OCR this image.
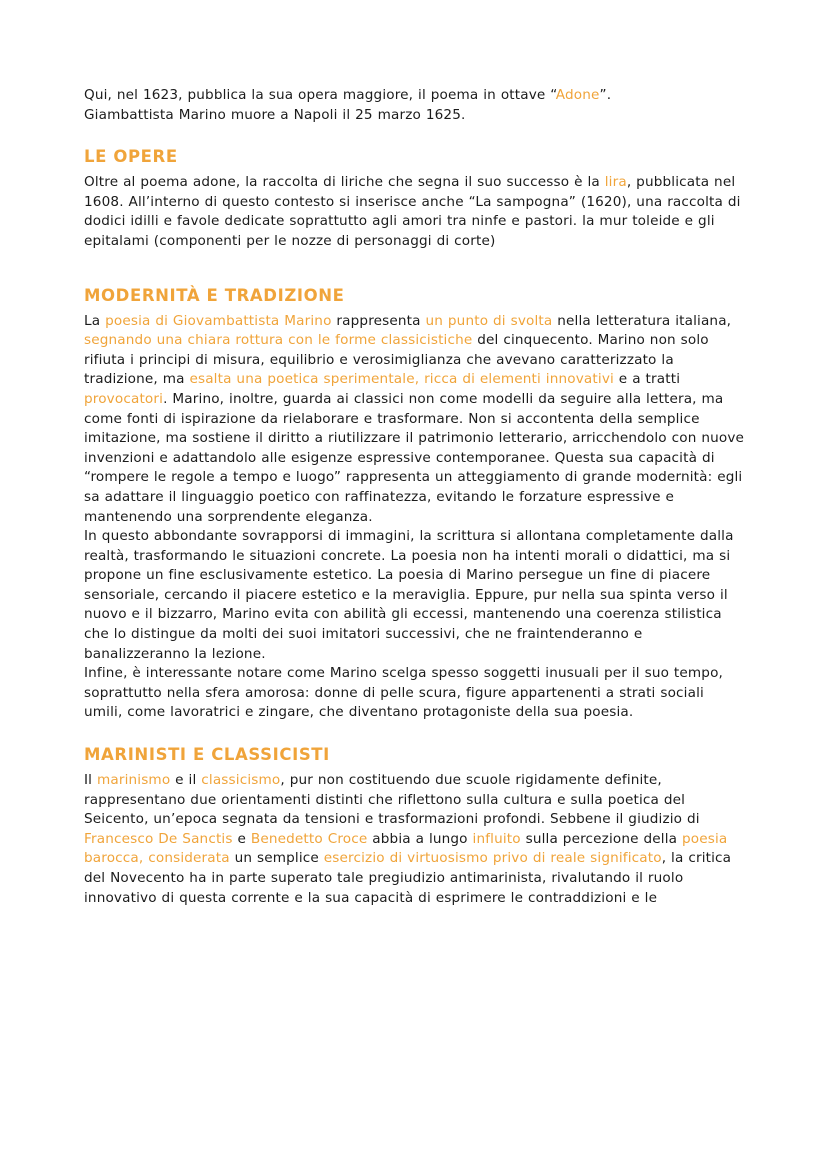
Qui, nel 1623, pubblica la sua opera maggiore, il poema in ottave “Adone”.
Giambattista Marino muore a Napoli il 25 marzo 1625.

LE OPERE

Oltre al poema adone, la raccolta di liriche che segna il suo successo è la lira, pubblicata nel 1608. All’interno di questo contesto si inserisce anche “La sampogna” (1620), una raccolta di dodici idilli e favole dedicate soprattutto agli amori tra ninfe e pastori. la mur toleide e gli epitalami (componenti per le nozze di personaggi di corte)

MODERNITÀ E TRADIZIONE

La poesia di Giovambattista Marino rappresenta un punto di svolta nella letteratura italiana, segnando una chiara rottura con le forme classicistiche del cinquecento. Marino non solo rifiuta i principi di misura, equilibrio e verosimiglianza che avevano caratterizzato la tradizione, ma esalta una poetica sperimentale, ricca di elementi innovativi e a tratti provocatori. Marino, inoltre, guarda ai classici non come modelli da seguire alla lettera, ma come fonti di ispirazione da rielaborare e trasformare. Non si accontenta della semplice imitazione, ma sostiene il diritto a riutilizzare il patrimonio letterario, arricchendolo con nuove invenzioni e adattandolo alle esigenze espressive contemporanee. Questa sua capacità di “rompere le regole a tempo e luogo” rappresenta un atteggiamento di grande modernità: egli sa adattare il linguaggio poetico con raffinatezza, evitando le forzature espressive e mantenendo una sorprendente eleganza.

In questo abbondante sovrapporsi di immagini, la scrittura si allontana completamente dalla realtà, trasformando le situazioni concrete. La poesia non ha intenti morali o didattici, ma si propone un fine esclusivamente estetico. La poesia di Marino persegue un fine di piacere sensoriale, cercando il piacere estetico e la meraviglia. Eppure, pur nella sua spinta verso il nuovo e il bizzarro, Marino evita con abilità gli eccessi, mantenendo una coerenza stilistica che lo distingue da molti dei suoi imitatori successivi, che ne fraintenderanno e banalizzeranno la lezione.

Infine, è interessante notare come Marino scelga spesso soggetti inusuali per il suo tempo, soprattutto nella sfera amorosa: donne di pelle scura, figure appartenenti a strati sociali umili, come lavoratrici e zingare, che diventano protagoniste della sua poesia.

MARINISTI E CLASSICISTI

Il marinismo e il classicismo, pur non costituendo due scuole rigidamente definite, rappresentano due orientamenti distinti che riflettono sulla cultura e sulla poetica del Seicento, un’epoca segnata da tensioni e trasformazioni profondi. Sebbene il giudizio di Francesco De Sanctis e Benedetto Croce abbia a lungo influito sulla percezione della poesia barocca, considerata un semplice esercizio di virtuosismo privo di reale significato, la critica del Novecento ha in parte superato tale pregiudizio antimarinista, rivalutando il ruolo innovativo di questa corrente e la sua capacità di esprimere le contraddizioni e le
